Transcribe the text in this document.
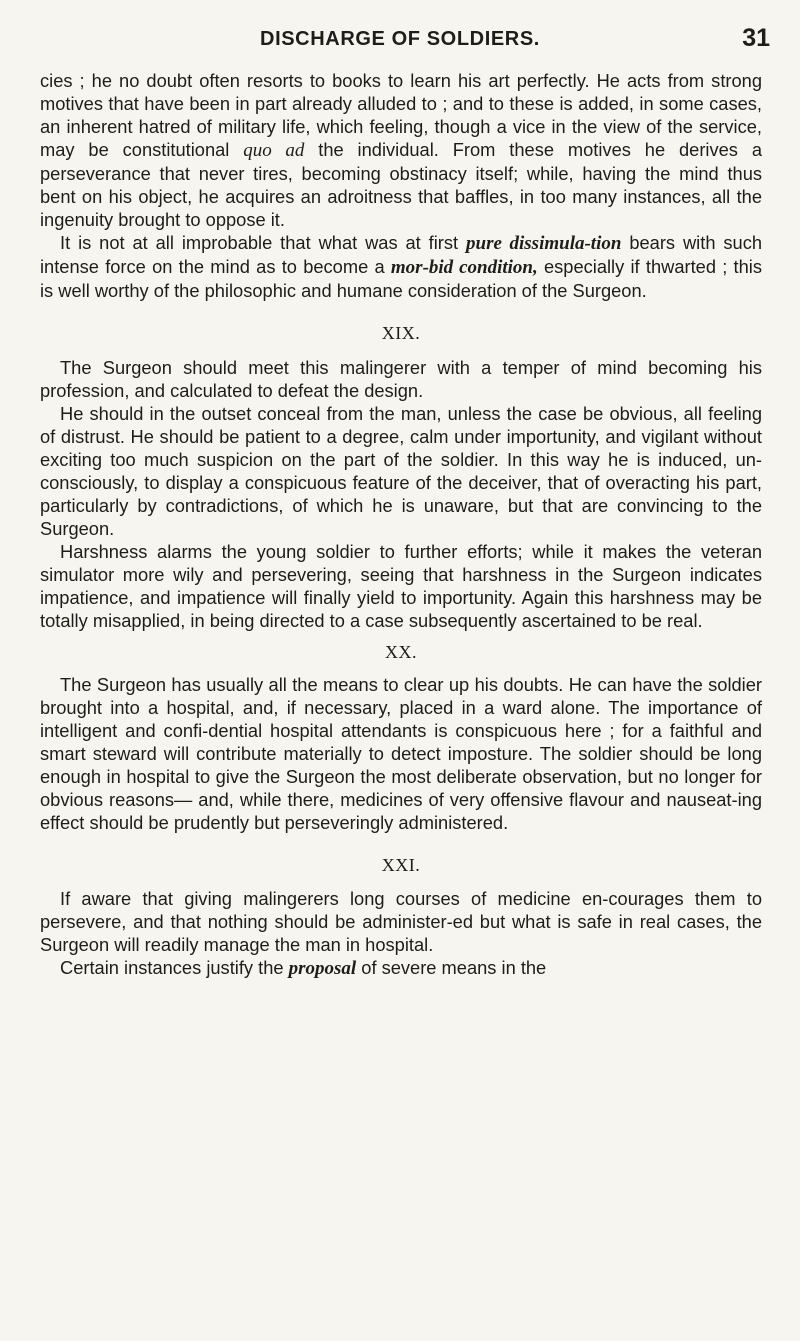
DISCHARGE OF SOLDIERS.	31

cies ; he no doubt often resorts to books to learn his art perfectly. He acts from strong motives that have been in part already alluded to ; and to these is added, in some cases, an inherent hatred of military life, which feeling, though a vice in the view of the service, may be constitutional quo ad the individual. From these motives he derives a perseverance that never tires, becoming obstinacy itself; while, having the mind thus bent on his object, he acquires an adroitness that baffles, in too many instances, all the ingenuity brought to oppose it.

It is not at all improbable that what was at first pure dissimula-tion bears with such intense force on the mind as to become a mor-bid condition, especially if thwarted ; this is well worthy of the philosophic and humane consideration of the Surgeon.

XIX.

The Surgeon should meet this malingerer with a temper of mind becoming his profession, and calculated to defeat the design.

He should in the outset conceal from the man, unless the case be obvious, all feeling of distrust. He should be patient to a degree, calm under importunity, and vigilant without exciting too much suspicion on the part of the soldier. In this way he is induced, un-consciously, to display a conspicuous feature of the deceiver, that of overacting his part, particularly by contradictions, of which he is unaware, but that are convincing to the Surgeon.

Harshness alarms the young soldier to further efforts; while it makes the veteran simulator more wily and persevering, seeing that harshness in the Surgeon indicates impatience, and impatience will finally yield to importunity. Again this harshness may be totally misapplied, in being directed to a case subsequently ascertained to be real.

XX.

The Surgeon has usually all the means to clear up his doubts. He can have the soldier brought into a hospital, and, if necessary, placed in a ward alone. The importance of intelligent and confi-dential hospital attendants is conspicuous here ; for a faithful and smart steward will contribute materially to detect imposture. The soldier should be long enough in hospital to give the Surgeon the most deliberate observation, but no longer for obvious reasons— and, while there, medicines of very offensive flavour and nauseat-ing effect should be prudently but perseveringly administered.

XXI.

If aware that giving malingerers long courses of medicine en-courages them to persevere, and that nothing should be administer-ed but what is safe in real cases, the Surgeon will readily manage the man in hospital.

Certain instances justify the proposal of severe means in the
